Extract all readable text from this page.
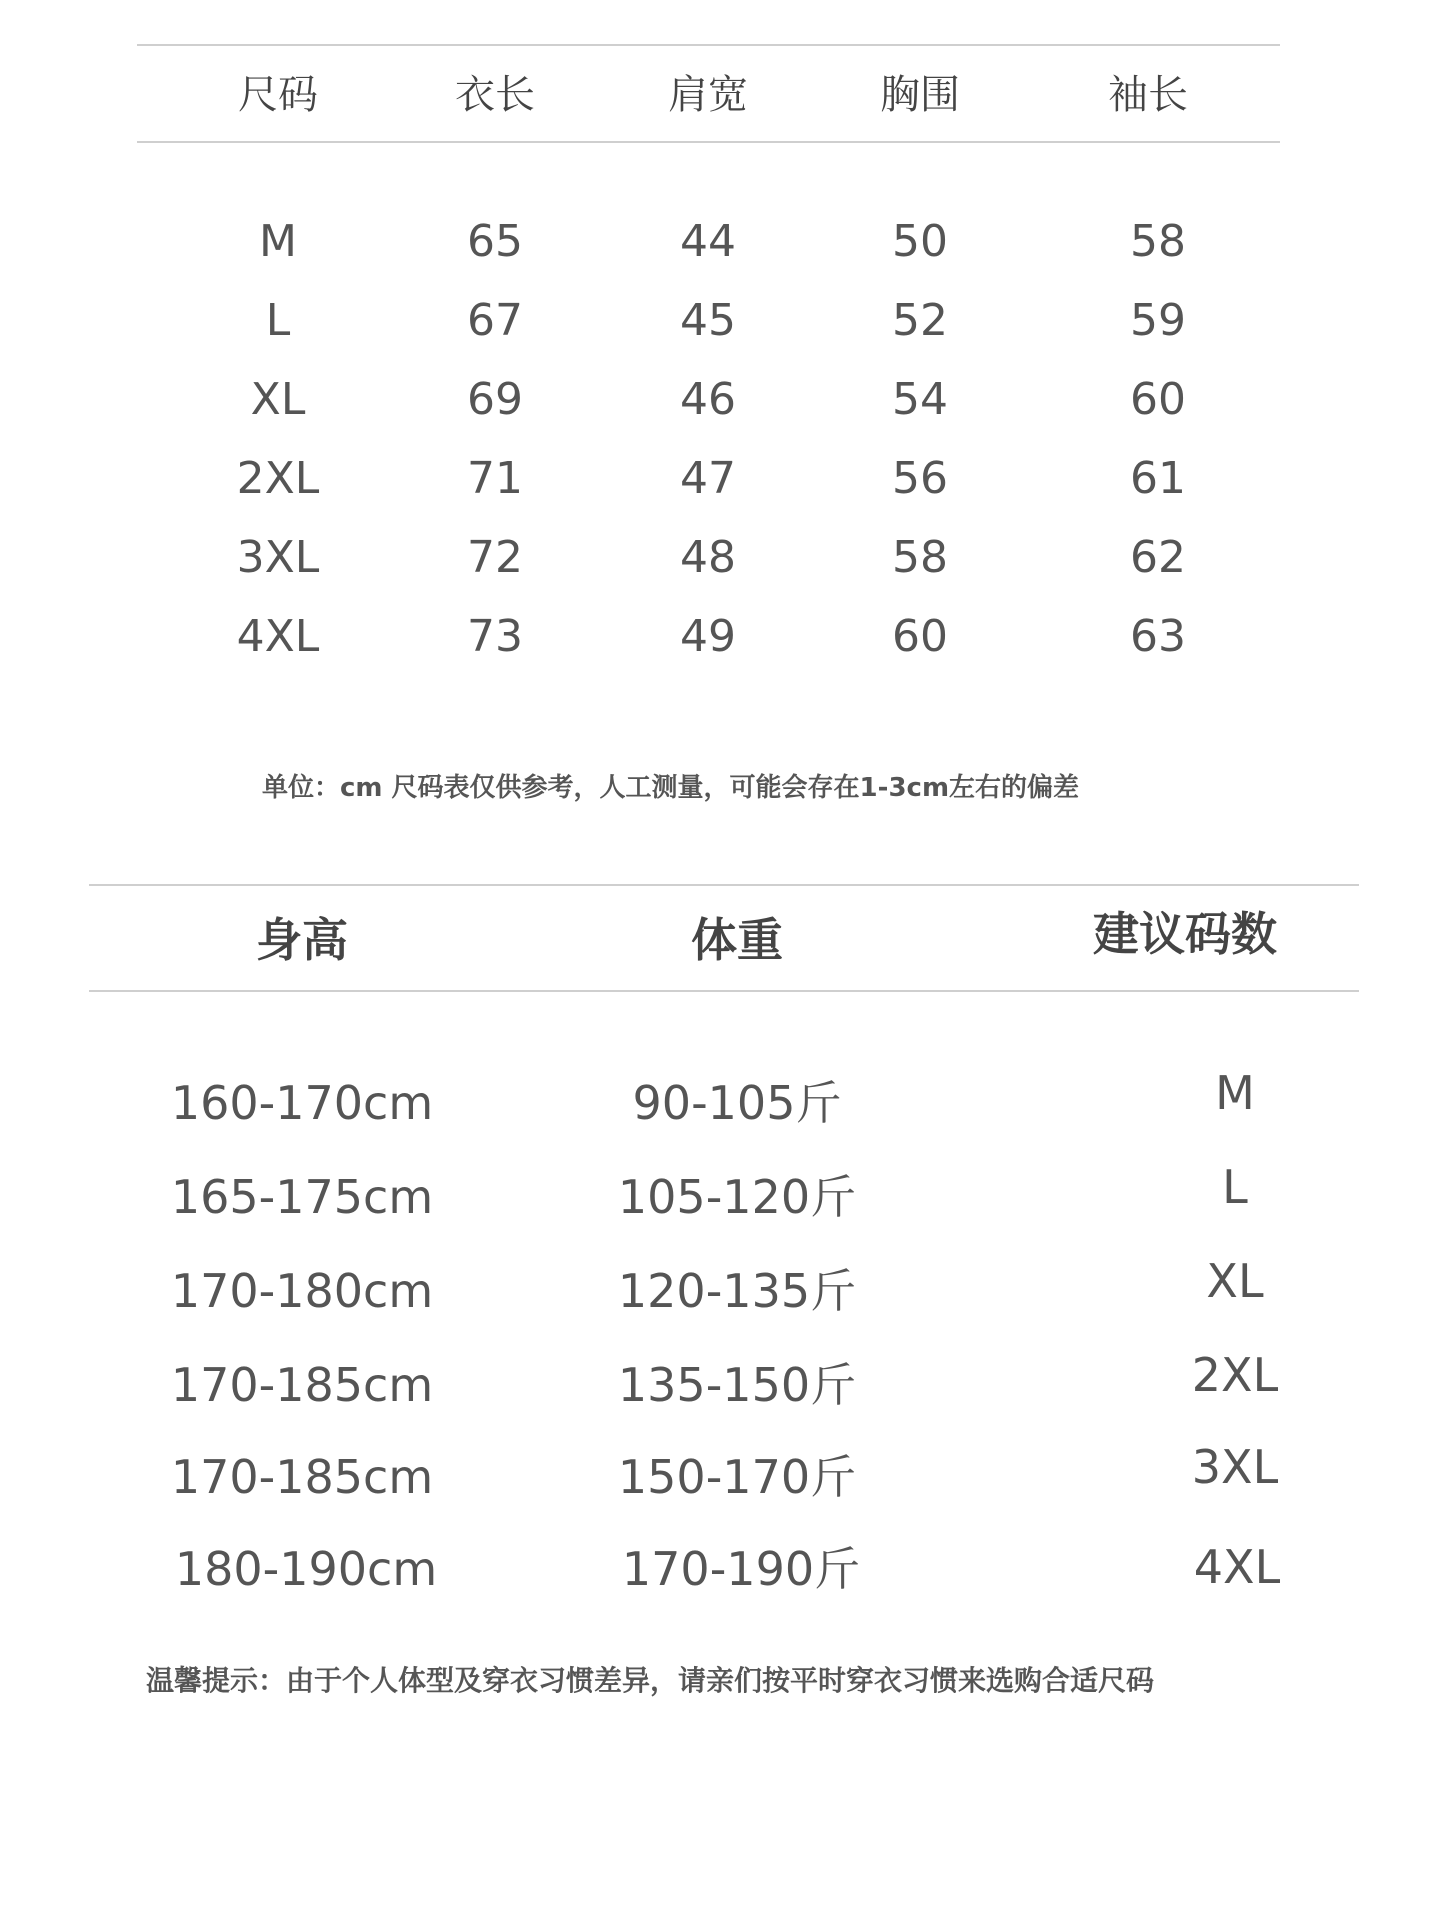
尺码	衣长	肩宽	胸围	袖长
M	65	44	50	58
L	67	45	52	59
XL	69	46	54	60
2XL	71	47	56	61
3XL	72	48	58	62
4XL	73	49	60	63
单位：cm 尺码表仅供参考，人工测量，可能会存在1-3cm左右的偏差
身高	体重	建议码数
160-170cm	90-105斤	M
165-175cm	105-120斤	L
170-180cm	120-135斤	XL
170-185cm	135-150斤	2XL
170-185cm	150-170斤	3XL
180-190cm	170-190斤	4XL
温馨提示：由于个人体型及穿衣习惯差异，请亲们按平时穿衣习惯来选购合适尺码
